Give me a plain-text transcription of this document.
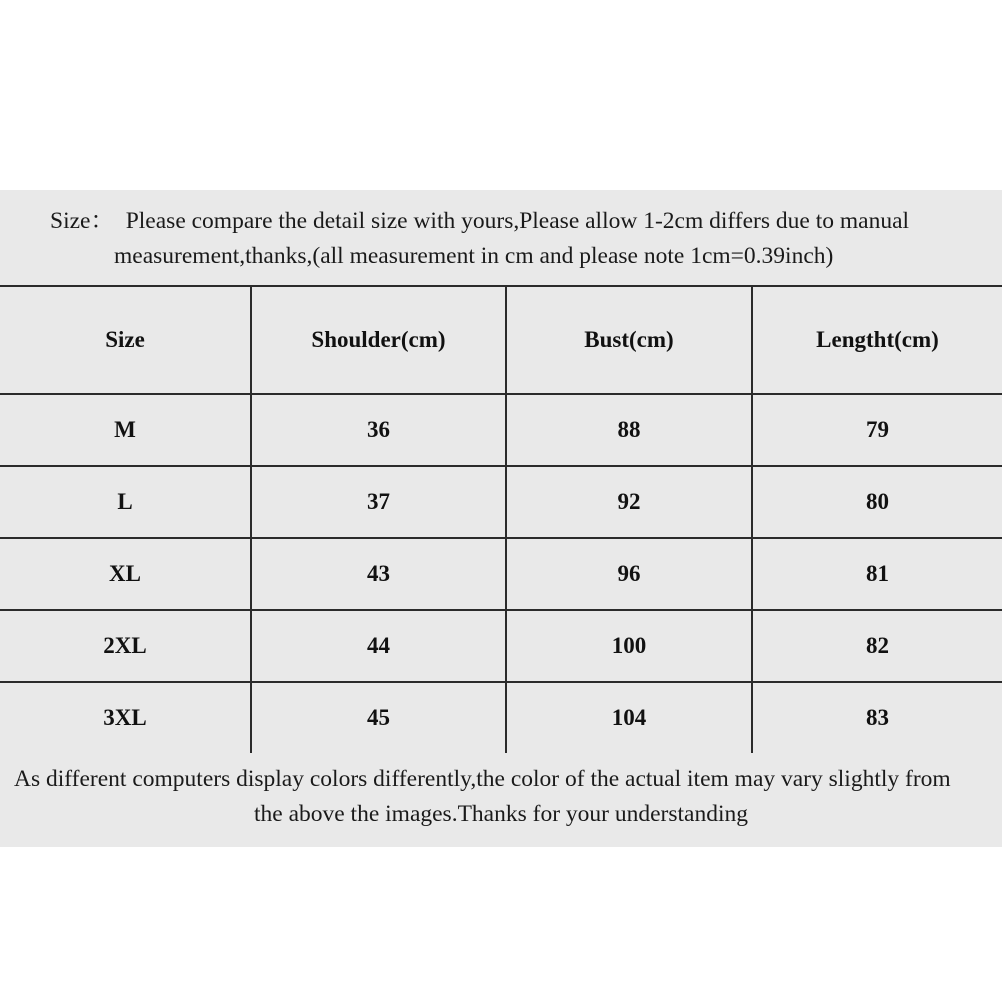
Size：  Please compare the detail size with yours,Please allow 1-2cm differs due to manual
measurement,thanks,(all measurement in cm and please note 1cm=0.39inch)
Size	Shoulder(cm)	Bust(cm)	Lengtht(cm)
M	36	88	79
L	37	92	80
XL	43	96	81
2XL	44	100	82
3XL	45	104	83
As different computers display colors differently,the color of the actual item may vary slightly from
the above the images.Thanks for your understanding
